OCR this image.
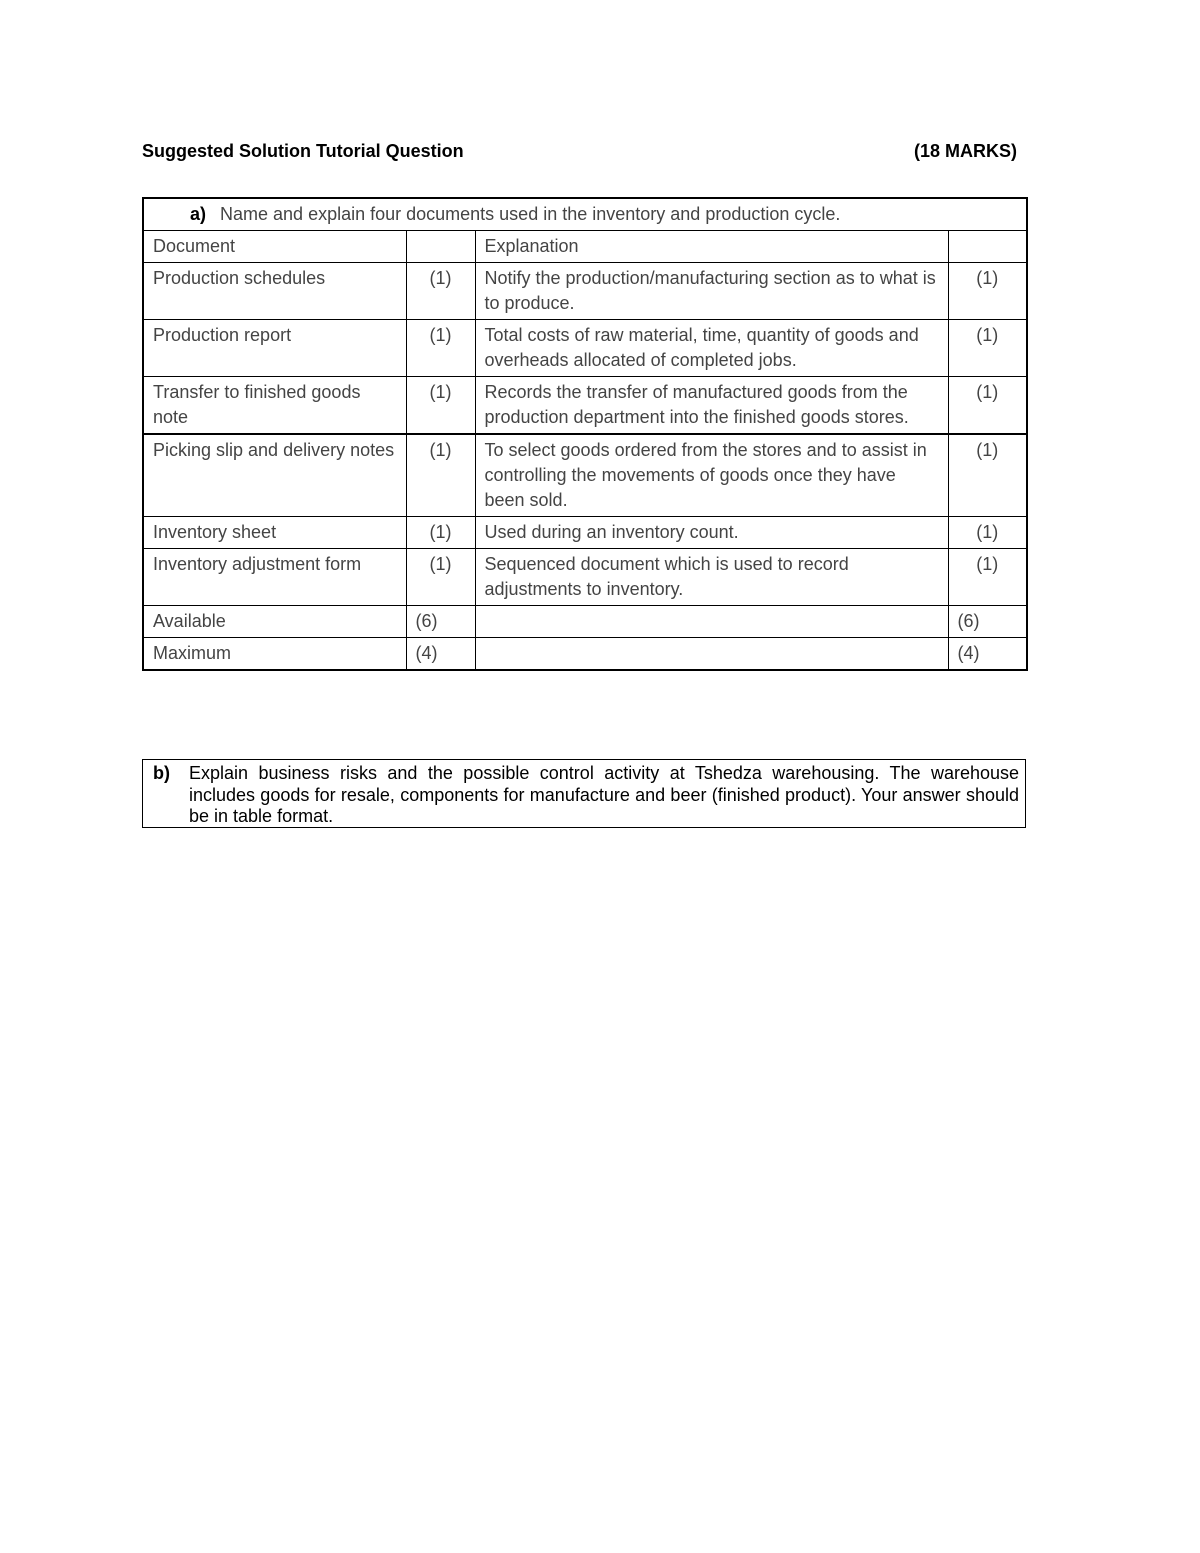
Suggested Solution Tutorial Question	(18 MARKS)
a) Name and explain four documents used in the inventory and production cycle.			
Document		Explanation	
Production schedules	(1)	Notify the production/manufacturing section as to what is to produce.	(1)
Production report	(1)	Total costs of raw material, time, quantity of goods and overheads allocated of completed jobs.	(1)
Transfer to finished goods note	(1)	Records the transfer of manufactured goods from the production department into the finished goods stores.	(1)
Picking slip and delivery notes	(1)	To select goods ordered from the stores and to assist in controlling the movements of goods once they have been sold.	(1)
Inventory sheet	(1)	Used during an inventory count.	(1)
Inventory adjustment form	(1)	Sequenced document which is used to record adjustments to inventory.	(1)
Available	(6)		(6)
Maximum	(4)		(4)
b) Explain business risks and the possible control activity at Tshedza warehousing. The warehouse includes goods for resale, components for manufacture and beer (finished product). Your answer should be in table format.
